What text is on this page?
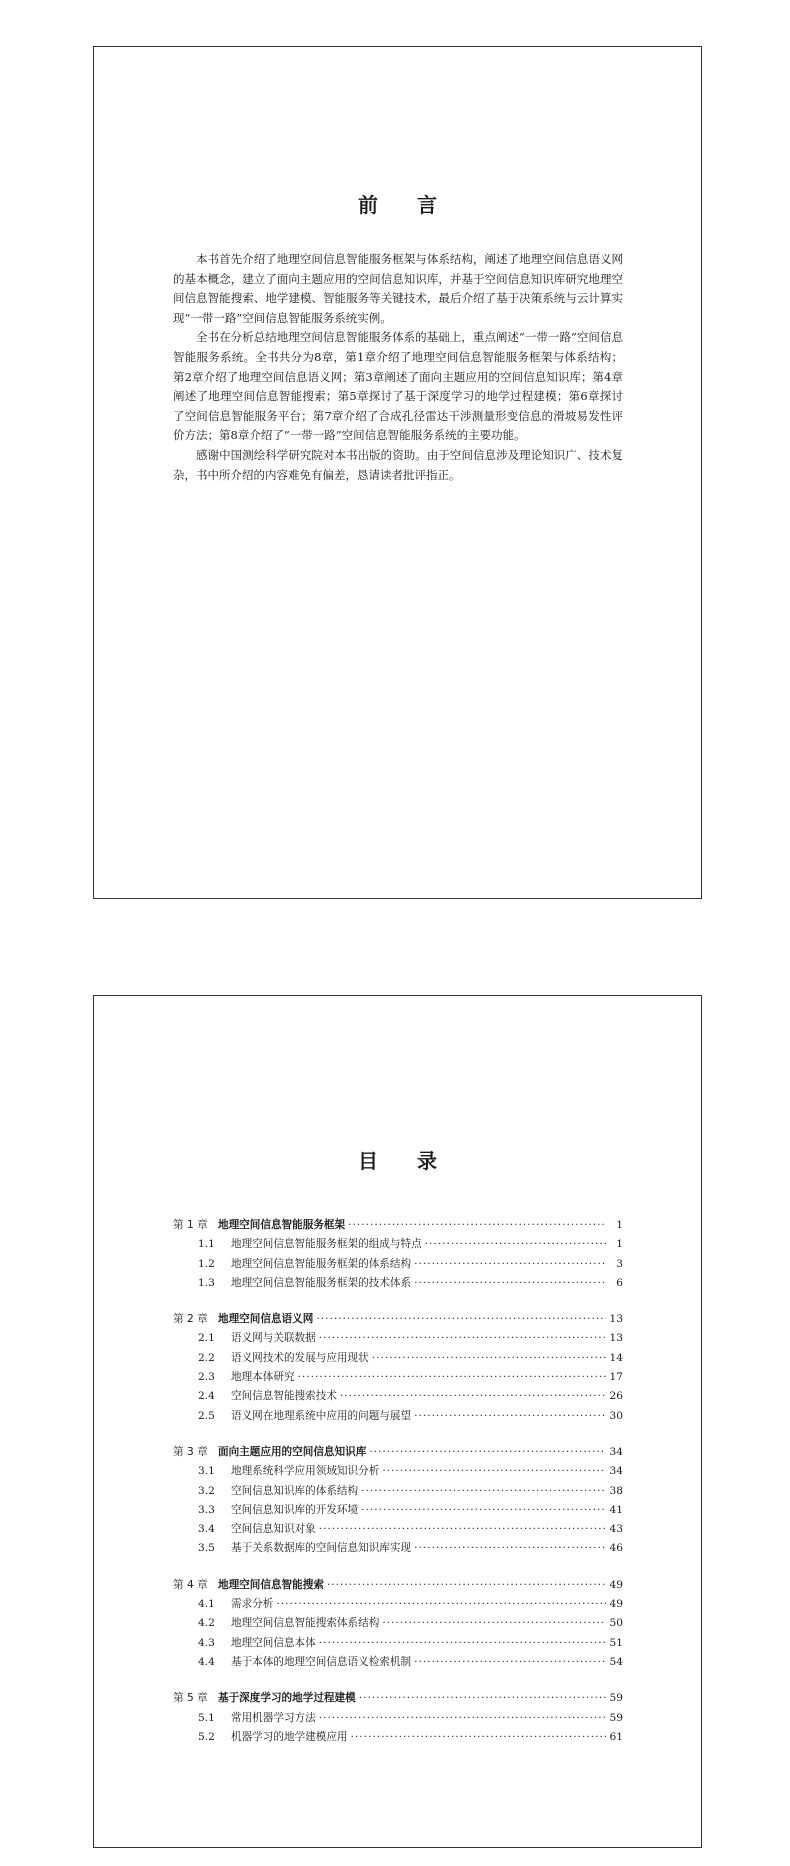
前 言

本书首先介绍了地理空间信息智能服务框架与体系结构，阐述了地理空间信息语义网的基本概念，建立了面向主题应用的空间信息知识库，并基于空间信息知识库研究地理空间信息智能搜索、地学建模、智能服务等关键技术，最后介绍了基于决策系统与云计算实现“一带一路”空间信息智能服务系统实例。

全书在分析总结地理空间信息智能服务体系的基础上，重点阐述“一带一路”空间信息智能服务系统。全书共分为8章，第1章介绍了地理空间信息智能服务框架与体系结构；第2章介绍了地理空间信息语义网；第3章阐述了面向主题应用的空间信息知识库；第4章阐述了地理空间信息智能搜索；第5章探讨了基于深度学习的地学过程建模；第6章探讨了空间信息智能服务平台；第7章介绍了合成孔径雷达干涉测量形变信息的滑坡易发性评价方法；第8章介绍了“一带一路”空间信息智能服务系统的主要功能。

感谢中国测绘科学研究院对本书出版的资助。由于空间信息涉及理论知识广、技术复杂，书中所介绍的内容难免有偏差，恳请读者批评指正。

目 录
第 1 章 地理空间信息智能服务框架 ·····	1
1.1	地理空间信息智能服务框架的组成与特点 ·····	1
1.2	地理空间信息智能服务框架的体系结构 ·····	3
1.3	地理空间信息智能服务框架的技术体系 ·····	6
第 2 章 地理空间信息语义网 ·····	13
2.1	语义网与关联数据 ·····	13
2.2	语义网技术的发展与应用现状 ·····	14
2.3	地理本体研究 ·····	17
2.4	空间信息智能搜索技术 ·····	26
2.5	语义网在地理系统中应用的问题与展望 ·····	30
第 3 章 面向主题应用的空间信息知识库 ·····	34
3.1	地理系统科学应用领域知识分析 ·····	34
3.2	空间信息知识库的体系结构 ·····	38
3.3	空间信息知识库的开发环境 ·····	41
3.4	空间信息知识对象 ·····	43
3.5	基于关系数据库的空间信息知识库实现 ·····	46
第 4 章 地理空间信息智能搜索 ·····	49
4.1	需求分析 ·····	49
4.2	地理空间信息智能搜索体系结构 ·····	50
4.3	地理空间信息本体 ·····	51
4.4	基于本体的地理空间信息语义检索机制 ·····	54
第 5 章 基于深度学习的地学过程建模 ·····	59
5.1	常用机器学习方法 ·····	59
5.2	机器学习的地学建模应用 ·····	61
